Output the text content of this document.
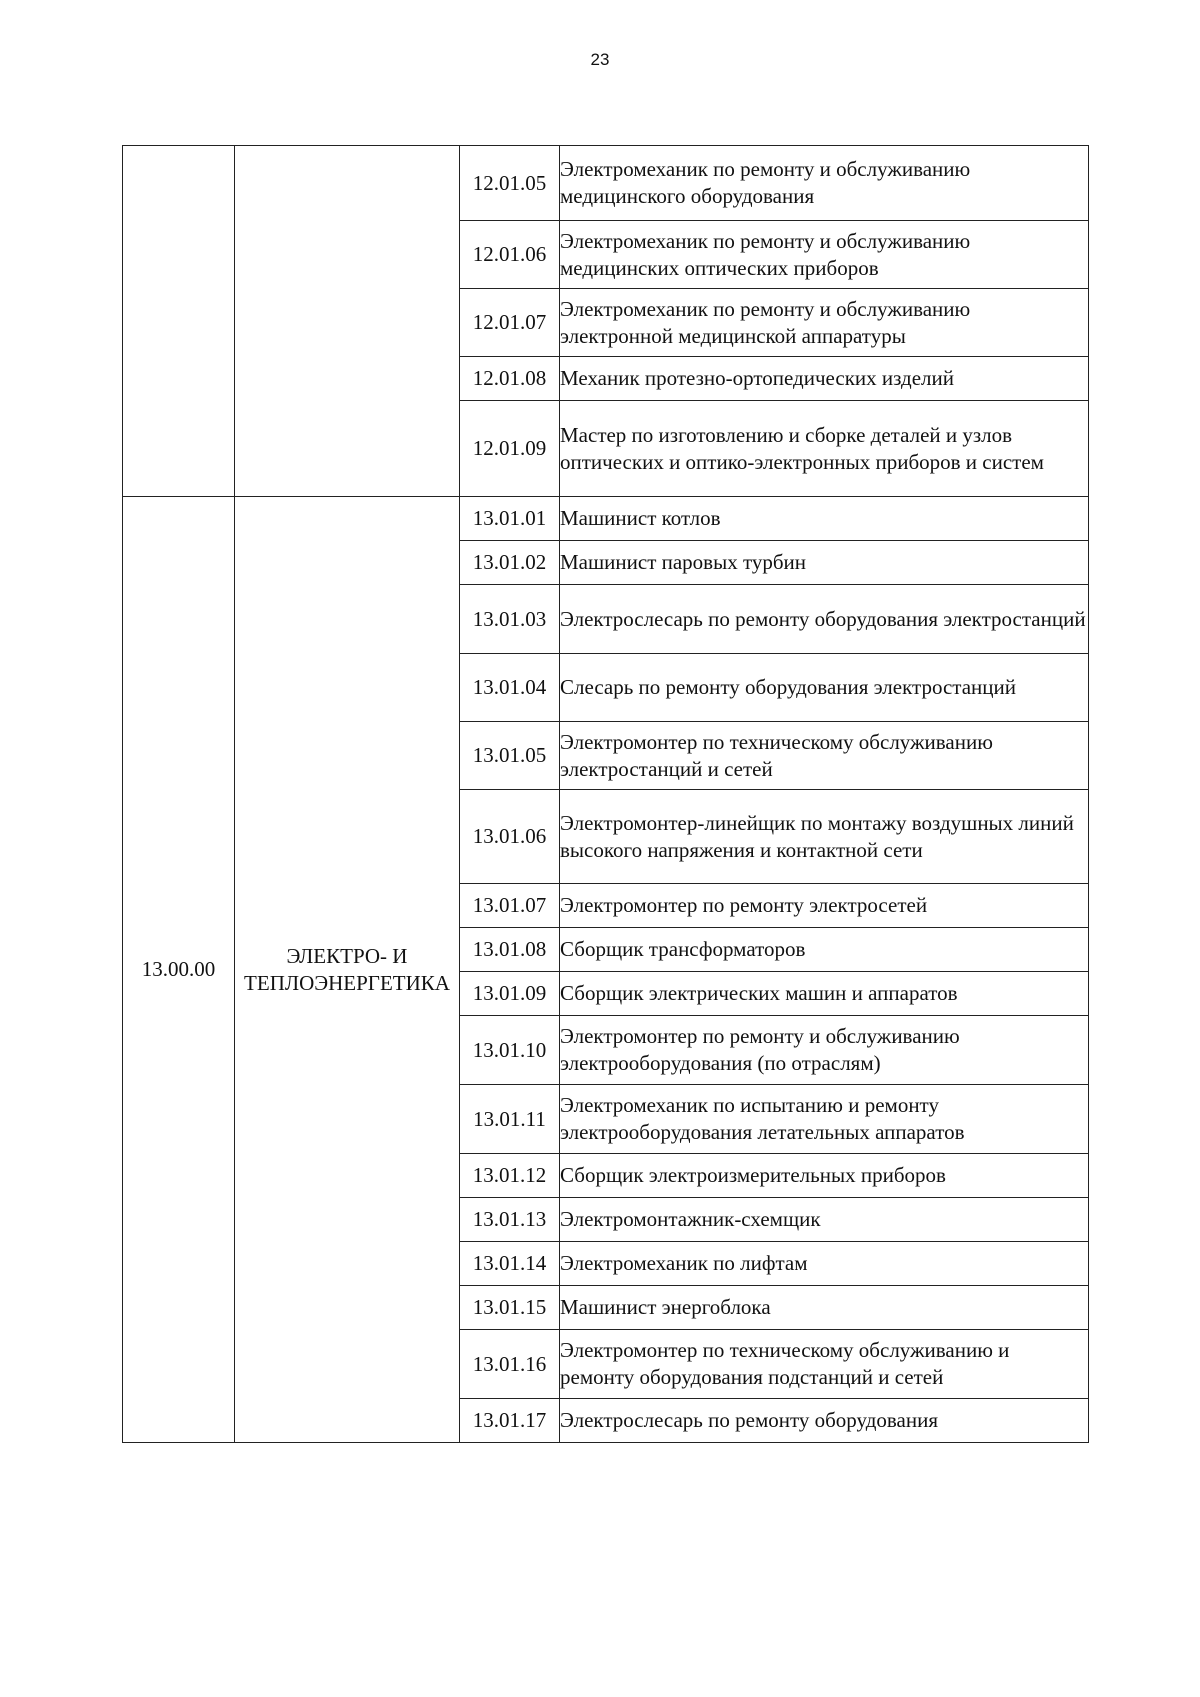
23
		12.01.05	Электромеханик по ремонту и обслуживанию медицинского оборудования
		12.01.06	Электромеханик по ремонту и обслуживанию медицинских оптических приборов
		12.01.07	Электромеханик по ремонту и обслуживанию электронной медицинской аппаратуры
		12.01.08	Механик протезно-ортопедических изделий
		12.01.09	Мастер по изготовлению и сборке деталей и узлов оптических и оптико-электронных приборов и систем
13.00.00	ЭЛЕКТРО- И ТЕПЛОЭНЕРГЕТИКА	13.01.01	Машинист котлов
		13.01.02	Машинист паровых турбин
		13.01.03	Электрослесарь по ремонту оборудования электростанций
		13.01.04	Слесарь по ремонту оборудования электростанций
		13.01.05	Электромонтер по техническому обслуживанию электростанций и сетей
		13.01.06	Электромонтер-линейщик по монтажу воздушных линий высокого напряжения и контактной сети
		13.01.07	Электромонтер по ремонту электросетей
		13.01.08	Сборщик трансформаторов
		13.01.09	Сборщик электрических машин и аппаратов
		13.01.10	Электромонтер по ремонту и обслуживанию электрооборудования (по отраслям)
		13.01.11	Электромеханик по испытанию и ремонту электрооборудования летательных аппаратов
		13.01.12	Сборщик электроизмерительных приборов
		13.01.13	Электромонтажник-схемщик
		13.01.14	Электромеханик по лифтам
		13.01.15	Машинист энергоблока
		13.01.16	Электромонтер по техническому обслуживанию и ремонту оборудования подстанций и сетей
		13.01.17	Электрослесарь по ремонту оборудования
